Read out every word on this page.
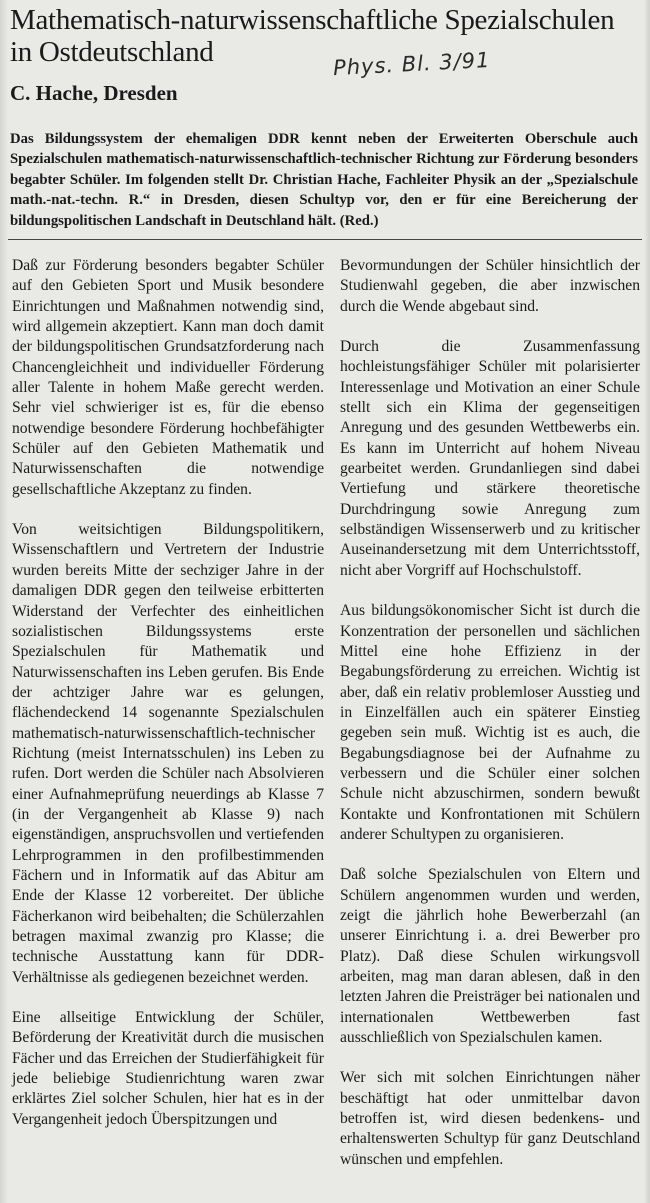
Mathematisch-naturwissenschaftliche Spezialschulen in Ostdeutschland	Phys. Bl. 3/91
C. Hache, Dresden
Das Bildungssystem der ehemaligen DDR kennt neben der Erweiterten Oberschule auch Spezialschulen mathematisch-naturwissenschaftlich-technischer Richtung zur Förderung besonders begabter Schüler. Im folgenden stellt Dr. Christian Hache, Fachleiter Physik an der „Spezialschule math.-nat.-techn. R.“ in Dresden, diesen Schultyp vor, den er für eine Bereicherung der bildungspolitischen Landschaft in Deutschland hält. (Red.)

Daß zur Förderung besonders begabter Schüler auf den Gebieten Sport und Musik besondere Einrichtungen und Maßnahmen notwendig sind, wird allgemein akzeptiert. Kann man doch damit der bildungspolitischen Grundsatzforderung nach Chancengleichheit und individueller Förderung aller Talente in hohem Maße gerecht werden. Sehr viel schwieriger ist es, für die ebenso notwendige besondere Förderung hochbefähigter Schüler auf den Gebieten Mathematik und Naturwissenschaften die notwendige gesellschaftliche Akzeptanz zu finden.

Von weitsichtigen Bildungspolitikern, Wissenschaftlern und Vertretern der Industrie wurden bereits Mitte der sechziger Jahre in der damaligen DDR gegen den teilweise erbitterten Widerstand der Verfechter des einheitlichen sozialistischen Bildungssystems erste Spezialschulen für Mathematik und Naturwissenschaften ins Leben gerufen. Bis Ende der achtziger Jahre war es gelungen, flächendeckend 14 sogenannte Spezialschulen mathematisch-naturwissenschaftlich-technischer Richtung (meist Internatsschulen) ins Leben zu rufen. Dort werden die Schüler nach Absolvieren einer Aufnahmeprüfung neuerdings ab Klasse 7 (in der Vergangenheit ab Klasse 9) nach eigenständigen, anspruchsvollen und vertiefenden Lehrprogrammen in den profilbestimmenden Fächern und in Informatik auf das Abitur am Ende der Klasse 12 vorbereitet. Der übliche Fächerkanon wird beibehalten; die Schülerzahlen betragen maximal zwanzig pro Klasse; die technische Ausstattung kann für DDR-Verhältnisse als gediegenen bezeichnet werden.

Eine allseitige Entwicklung der Schüler, Beförderung der Kreativität durch die musischen Fächer und das Erreichen der Studierfähigkeit für jede beliebige Studienrichtung waren zwar erklärtes Ziel solcher Schulen, hier hat es in der Vergangenheit jedoch Überspitzungen und

Bevormundungen der Schüler hinsichtlich der Studienwahl gegeben, die aber inzwischen durch die Wende abgebaut sind.

Durch die Zusammenfassung hochleistungsfähiger Schüler mit polarisierter Interessenlage und Motivation an einer Schule stellt sich ein Klima der gegenseitigen Anregung und des gesunden Wettbewerbs ein. Es kann im Unterricht auf hohem Niveau gearbeitet werden. Grundanliegen sind dabei Vertiefung und stärkere theoretische Durchdringung sowie Anregung zum selbständigen Wissenserwerb und zu kritischer Auseinandersetzung mit dem Unterrichtsstoff, nicht aber Vorgriff auf Hochschulstoff.

Aus bildungsökonomischer Sicht ist durch die Konzentration der personellen und sächlichen Mittel eine hohe Effizienz in der Begabungsförderung zu erreichen. Wichtig ist aber, daß ein relativ problemloser Ausstieg und in Einzelfällen auch ein späterer Einstieg gegeben sein muß. Wichtig ist es auch, die Begabungsdiagnose bei der Aufnahme zu verbessern und die Schüler einer solchen Schule nicht abzuschirmen, sondern bewußt Kontakte und Konfrontationen mit Schülern anderer Schultypen zu organisieren.

Daß solche Spezialschulen von Eltern und Schülern angenommen wurden und werden, zeigt die jährlich hohe Bewerberzahl (an unserer Einrichtung i. a. drei Bewerber pro Platz). Daß diese Schulen wirkungsvoll arbeiten, mag man daran ablesen, daß in den letzten Jahren die Preisträger bei nationalen und internationalen Wettbewerben fast ausschließlich von Spezialschulen kamen.

Wer sich mit solchen Einrichtungen näher beschäftigt hat oder unmittelbar davon betroffen ist, wird diesen bedenkens- und erhaltenswerten Schultyp für ganz Deutschland wünschen und empfehlen.
